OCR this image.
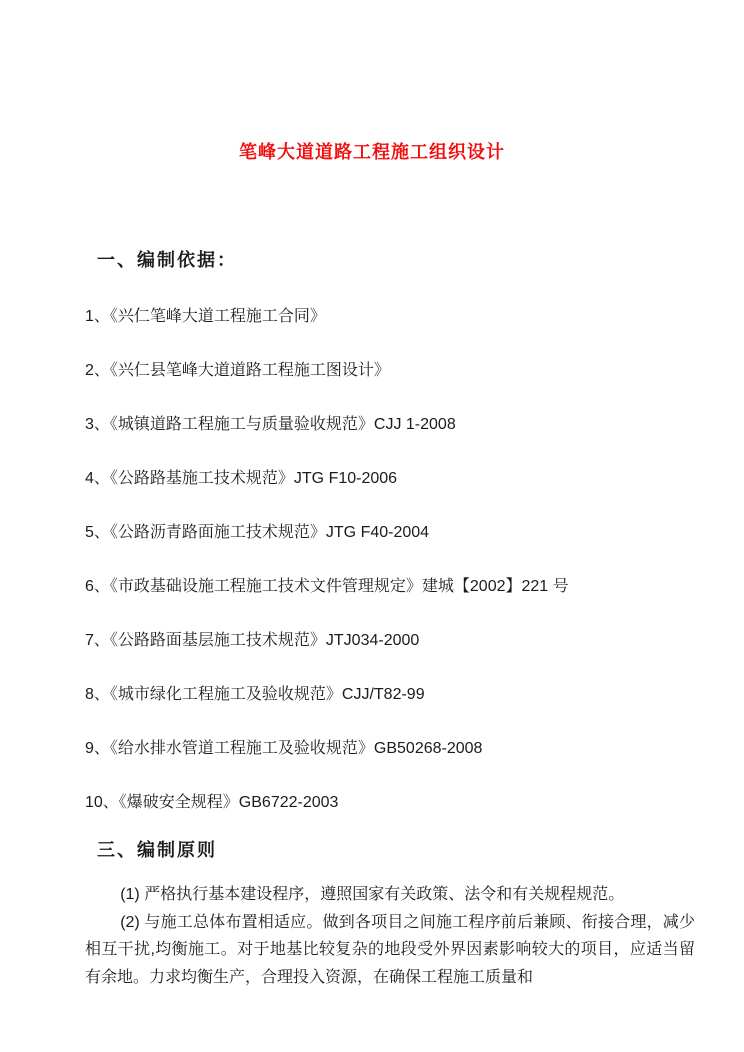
笔峰大道道路工程施工组织设计
一、编制依据：
1、《兴仁笔峰大道工程施工合同》
2、《兴仁县笔峰大道道路工程施工图设计》
3、《城镇道路工程施工与质量验收规范》CJJ 1-2008
4、《公路路基施工技术规范》JTG F10-2006
5、《公路沥青路面施工技术规范》JTG F40-2004
6、《市政基础设施工程施工技术文件管理规定》建城【2002】221 号
7、《公路路面基层施工技术规范》JTJ034-2000
8、《城市绿化工程施工及验收规范》CJJ/T82-99
9、《给水排水管道工程施工及验收规范》GB50268-2008
10、《爆破安全规程》GB6722-2003
三、编制原则

(1) 严格执行基本建设程序，遵照国家有关政策、法令和有关规程规范。

(2) 与施工总体布置相适应。做到各项目之间施工程序前后兼顾、衔接合理，减少相互干扰,均衡施工。对于地基比较复杂的地段受外界因素影响较大的项目，应适当留有余地。力求均衡生产，合理投入资源，在确保工程施工质量和
